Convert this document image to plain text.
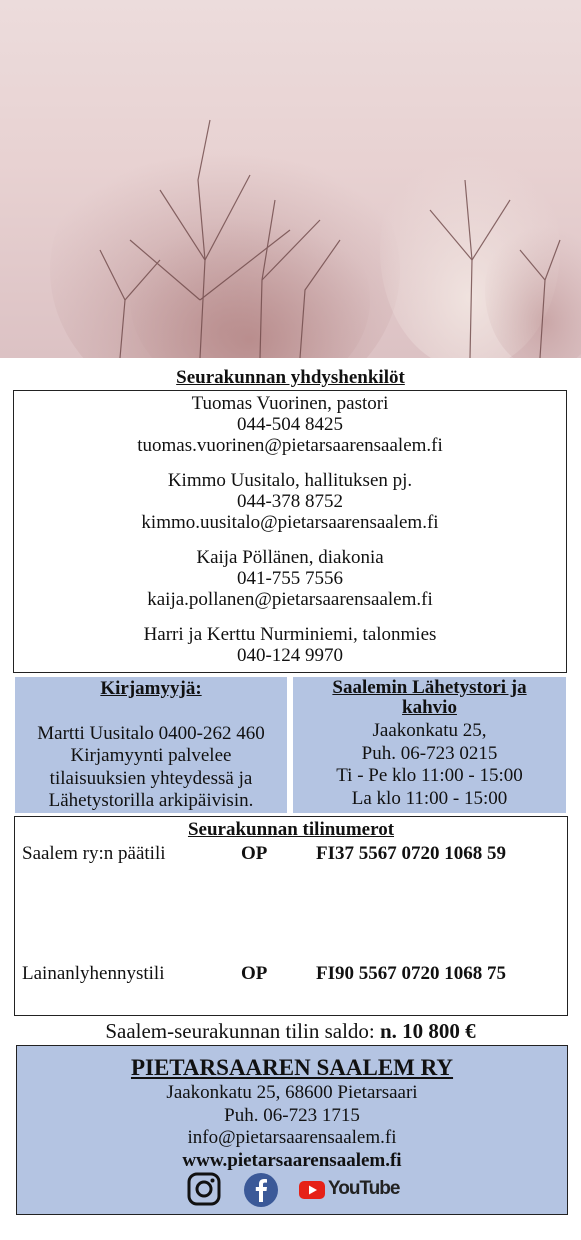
Seurakunnan yhdyshenkilöt
Tuomas Vuorinen, pastori
044-504 8425
tuomas.vuorinen@pietarsaarensaalem.fi
Kimmo Uusitalo, hallituksen pj.
044-378 8752
kimmo.uusitalo@pietarsaarensaalem.fi
Kaija Pöllänen, diakonia
041-755 7556
kaija.pollanen@pietarsaarensaalem.fi
Harri ja Kerttu Nurminiemi, talonmies
040-124 9970
Kirjamyyjä:
Martti Uusitalo 0400-262 460
Kirjamyynti palvelee
tilaisuuksien yhteydessä ja
Lähetystorilla arkipäivisin.
Saalemin Lähetystori ja kahvio
Jaakonkatu 25,
Puh. 06-723 0215
Ti - Pe klo 11:00 - 15:00
La klo 11:00 - 15:00
Seurakunnan tilinumerot
Saalem ry:n päätili	OP	FI37 5567 0720 1068 59
Lainanlyhennystili	OP	FI90 5567 0720 1068 75
Saalem-seurakunnan tilin saldo: n. 10 800 €
PIETARSAAREN SAALEM RY
Jaakonkatu 25, 68600 Pietarsaari
Puh. 06-723 1715
info@pietarsaarensaalem.fi
www.pietarsaarensaalem.fi
YouTube
